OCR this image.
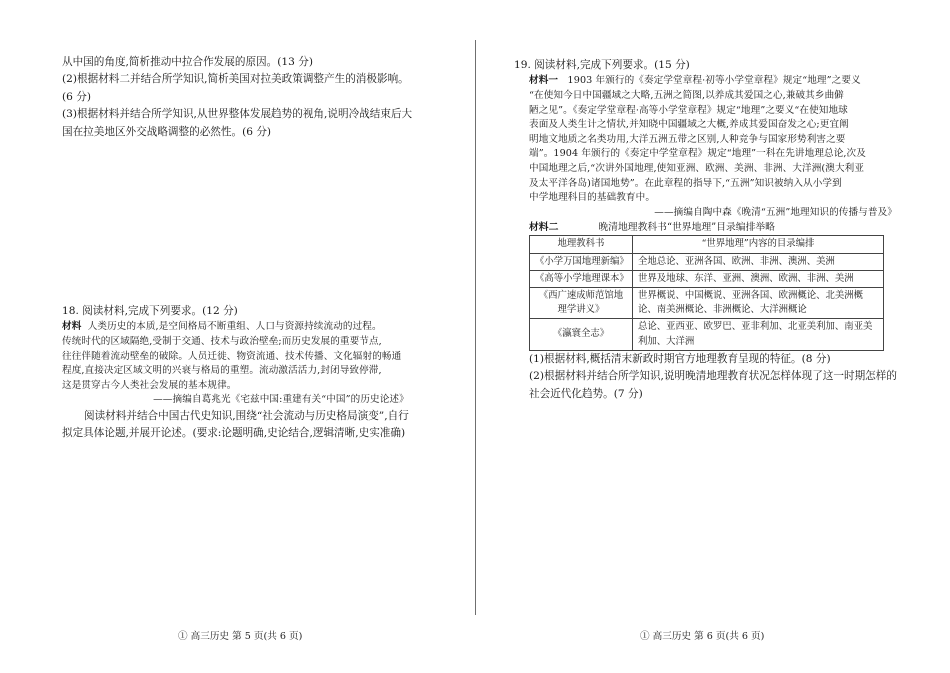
从中国的角度,简析推动中拉合作发展的原因。(13 分)

(2)根据材料二并结合所学知识,简析美国对拉美政策调整产生的消极影响。

(6 分)

(3)根据材料并结合所学知识,从世界整体发展趋势的视角,说明冷战结束后大

国在拉美地区外交战略调整的必然性。(6 分)

18. 阅读材料,完成下列要求。(12 分)

材料 人类历史的本质,是空间格局不断重组、人口与资源持续流动的过程。

传统时代的区域隔绝,受制于交通、技术与政治壁垒;而历史发展的重要节点,

往往伴随着流动壁垒的破除。人员迁徙、物资流通、技术传播、文化辐射的畅通

程度,直接决定区域文明的兴衰与格局的重塑。流动激活活力,封闭导致停滞,

这是贯穿古今人类社会发展的基本规律。

——摘编自葛兆光《宅兹中国:重建有关“中国”的历史论述》

阅读材料并结合中国古代史知识,围绕“社会流动与历史格局演变”,自行

拟定具体论题,并展开论述。(要求:论题明确,史论结合,逻辑清晰,史实准确)

① 高三历史 第 5 页(共 6 页)

19. 阅读材料,完成下列要求。(15 分)

材料一 1903 年颁行的《奏定学堂章程·初等小学堂章程》规定“地理”之要义

“在使知今日中国疆域之大略,五洲之简图,以养成其爱国之心,兼破其乡曲僻

陋之见”。《奏定学堂章程·高等小学堂章程》规定“地理”之要义“在使知地球

表面及人类生计之情状,并知晓中国疆域之大概,养成其爱国奋发之心;更宜阐

明地文地质之名类功用,大洋五洲五带之区别,人种竞争与国家形势利害之要

端”。1904 年颁行的《奏定中学堂章程》规定“地理”一科在先讲地理总论,次及

中国地理之后,“次讲外国地理,使知亚洲、欧洲、美洲、非洲、大洋洲(澳大利亚

及太平洋各岛)诸国地势”。在此章程的指导下,“五洲”知识被纳入从小学到

中学地理科目的基础教育中。

——摘编自陶中森《晚清“五洲”地理知识的传播与普及》

材料二	晚清地理教科书“世界地理”目录编排举略

地理教科书	“世界地理”内容的目录编排
《小学万国地理新编》	全地总论、亚洲各国、欧洲、非洲、澳洲、美洲
《高等小学地理课本》	世界及地球、东洋、亚洲、澳洲、欧洲、非洲、美洲
《西广速成师范馆地理学讲义》	世界概说、中国概说、亚洲各国、欧洲概论、北美洲概论、南美洲概论、非洲概论、大洋洲概论
《瀛寰全志》	总论、亚西亚、欧罗巴、亚非利加、北亚美利加、南亚美利加、大洋洲

(1)根据材料,概括清末新政时期官方地理教育呈现的特征。(8 分)

(2)根据材料并结合所学知识,说明晚清地理教育状况怎样体现了这一时期怎样的

社会近代化趋势。(7 分)

① 高三历史 第 6 页(共 6 页)
